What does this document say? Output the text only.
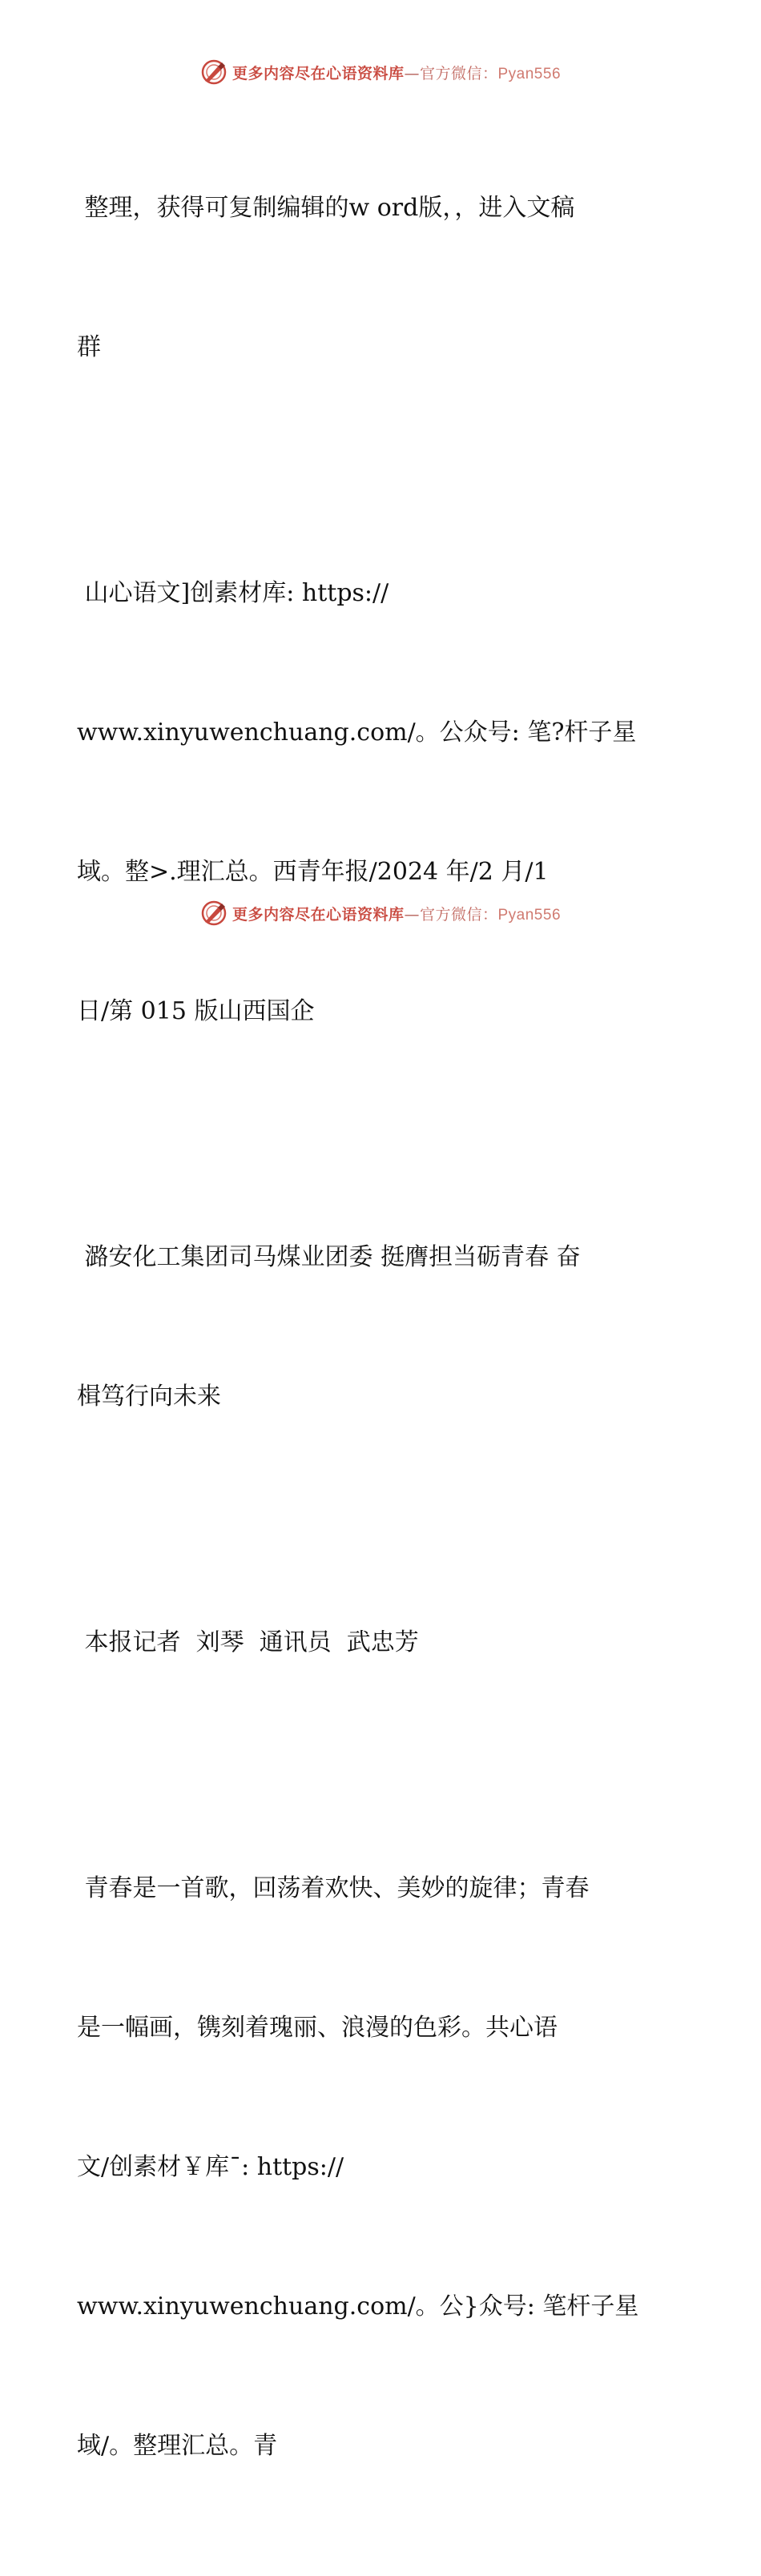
更多内容尽在心语资料库—官方微信：Pyan556

整理，获得可复制编辑的w ord版，，进入文稿

群

山心语文]创素材库: https://

www.xinyuwenchuang.com/。公众号: 笔?杆子星

域。整>.理汇总。西青年报/2024 年/2 月/1

日/第 015 版山西国企

潞安化工集团司马煤业团委 挺膺担当砺青春 奋

楫笃行向未来

本报记者  刘琴  通讯员  武忠芳

青春是一首歌，回荡着欢快、美妙的旋律；青春

是一幅画，镌刻着瑰丽、浪漫的色彩。共心语

文/创素材￥库¯: https://

www.xinyuwenchuang.com/。公}众号: 笔杆子星

域/。整理汇总。青

更多内容尽在心语资料库—官方微信：Pyan556
